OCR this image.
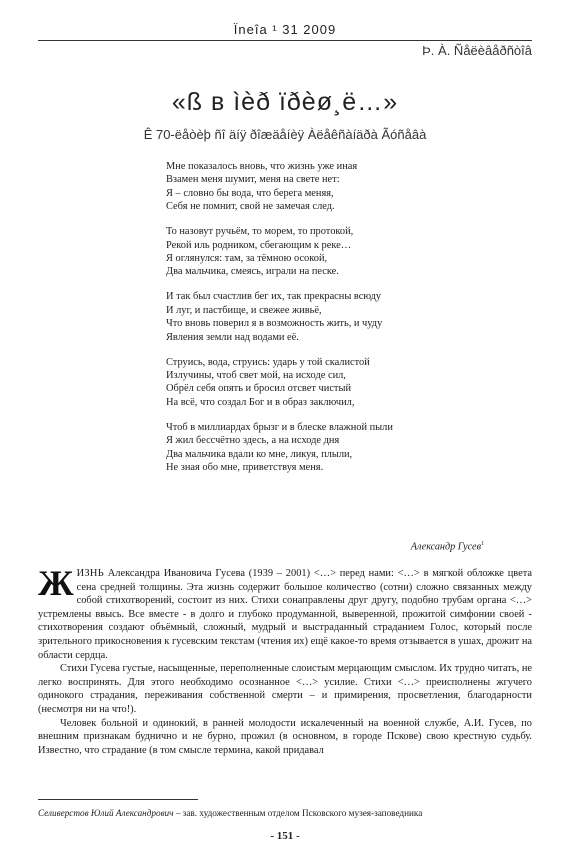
Ïneîa ¹ 31 2009
Þ. À. Ñåëèâåðñòîâ
«ß в ìèð ïðèø¸ë…»
Ê 70-ëåòèþ ñî äíÿ ðîæäåíèÿ Àëåêñàíäðà Ãóñåâà
Мне показалось вновь, что жизнь уже иная
Взамен меня шумит, меня на свете нет:
Я – словно бы вода, что берега меняя,
Себя не помнит, свой не замечая след.
То назовут ручьём, то морем, то протокой,
Рекой иль родником, сбегающим к реке…
Я оглянулся: там, за тёмною осокой,
Два мальчика, смеясь, играли на песке.
И так был счастлив бег их, так прекрасны всюду
И луг, и пастбище, и свежее живьё,
Что вновь поверил я в возможность жить, и чуду
Явления земли над водами её.
Струись, вода, струись: ударь у той скалистой
Излучины, чтоб свет мой, на исходе сил,
Обрёл себя опять и бросил отсвет чистый
На всё, что создал Бог и в образ заключил,
Чтоб в миллиардах брызг и в блеске влажной пыли
Я жил бессчётно здесь, а на исходе дня
Два мальчика вдали ко мне, ликуя, плыли,
Не зная обо мне, приветствуя меня.
Александр Гусев$^1$

ЖИЗНЬ Александра Ивановича Гусева (1939 – 2001) <…> перед нами: <…> в мягкой обложке цвета сена средней толщины. Эта жизнь содержит большое количество (сотни) сложно связанных между собой стихотворений, состоит из них. Стихи сонаправлены друг другу, подобно трубам органа <…> устремлены ввысь. Все вместе - в долго и глубоко продуманной, выверенной, прожитой симфонии своей - стихотворения создают объёмный, сложный, мудрый и выстраданный страданием Голос, который после зрительного прикосновения к гусевским текстам (чтения их) ещё какое-то время отзывается в ушах, дрожит на области сердца.

Стихи Гусева густые, насыщенные, переполненные слоистым мерцающим смыслом. Их трудно читать, не легко воспринять. Для этого необходимо осознанное <…> усилие. Стихи <…> преисполнены жгучего одинокого страдания, переживания собственной смерти – и примирения, просветления, благодарности (несмотря ни на что!).

Человек больной и одинокий, в ранней молодости искалеченный на военной службе, А.И. Гусев, по внешним признакам буднично и не бурно, прожил (в основном, в городе Пскове) свою крестную судьбу. Известно, что страдание (в том смысле термина, какой придавал

Селиверстов Юлий Александрович – зав. художественным отделом Псковского музея-заповедника
- 151 -
